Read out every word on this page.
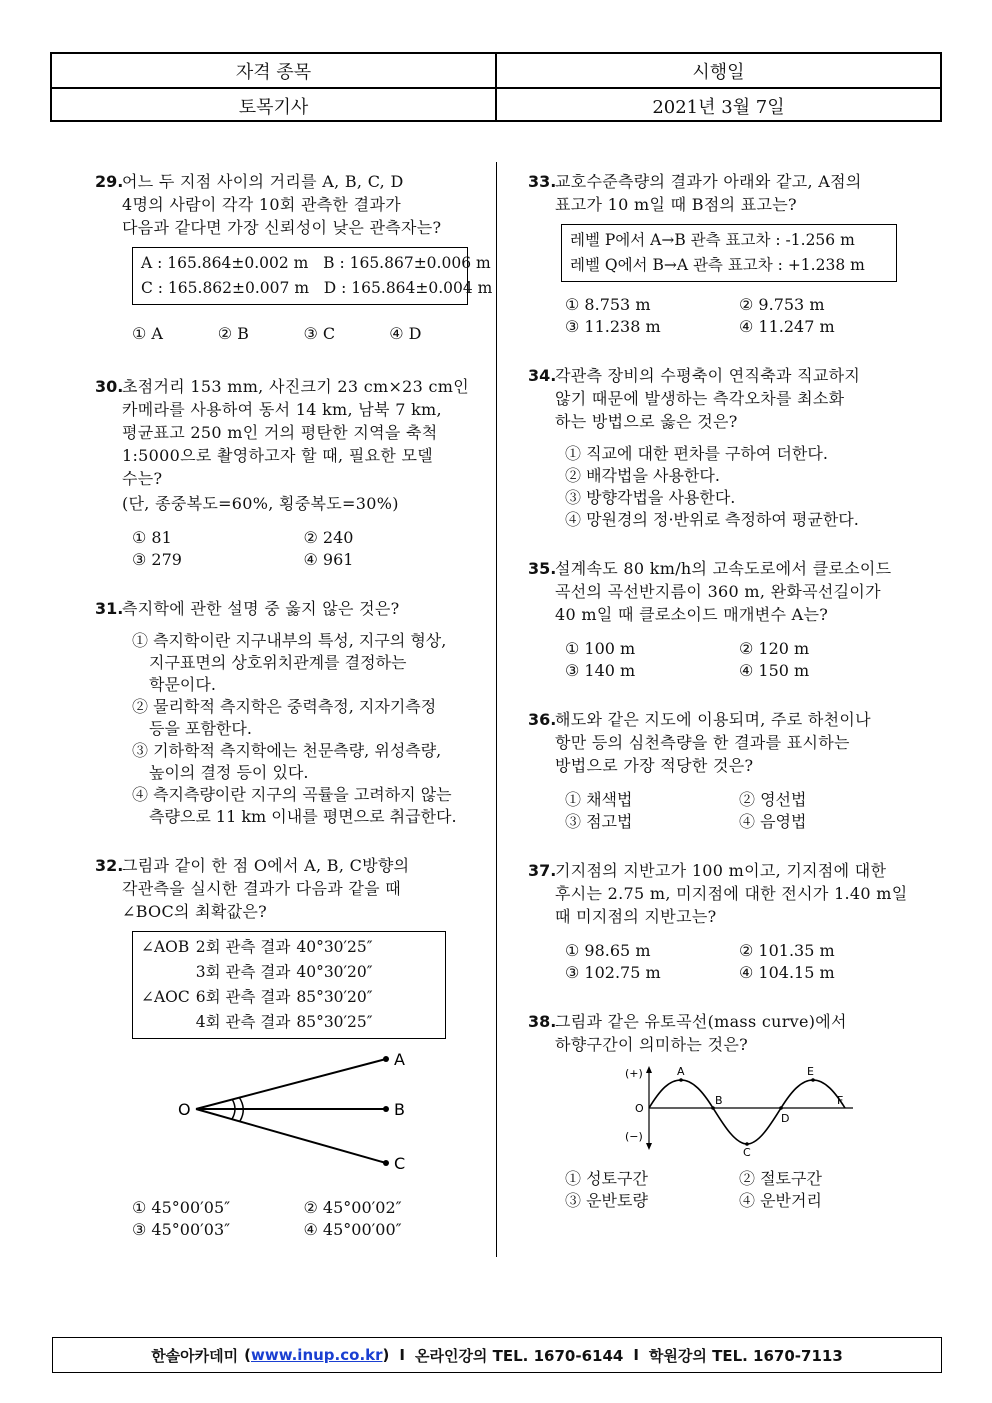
자격 종목	시행일
토목기사	2021년 3월 7일
29.
어느 두 지점 사이의 거리를 A, B, C, D
4명의 사람이 각각 10회 관측한 결과가
다음과 같다면 가장 신뢰성이 낮은 관측자는?
A : 165.864±0.002 m   B : 165.867±0.006 m
C : 165.862±0.007 m   D : 165.864±0.004 m
① A	② B	③ C	④ D
30.
초점거리 153 mm, 사진크기 23 cm×23 cm인
카메라를 사용하여 동서 14 km, 남북 7 km,
평균표고 250 m인 거의 평탄한 지역을 축척
1:5000으로 촬영하고자 할 때, 필요한 모델
수는?
(단, 종중복도=60%, 횡중복도=30%)
① 81	② 240
③ 279	④ 961
31.
측지학에 관한 설명 중 옳지 않은 것은?
① 측지학이란 지구내부의 특성, 지구의 형상,
지구표면의 상호위치관계를 결정하는
학문이다.
② 물리학적 측지학은 중력측정, 지자기측정
등을 포함한다.
③ 기하학적 측지학에는 천문측량, 위성측량,
높이의 결정 등이 있다.
④ 측지측량이란 지구의 곡률을 고려하지 않는
측량으로 11 km 이내를 평면으로 취급한다.
32.
그림과 같이 한 점 O에서 A, B, C방향의
각관측을 실시한 결과가 다음과 같을 때
∠BOC의 최확값은?
∠AOB	2회 관측 결과	40°30′25″
	3회 관측 결과	40°30′20″
∠AOC	6회 관측 결과	85°30′20″
	4회 관측 결과	85°30′25″
O
A
B
C
① 45°00′05″	② 45°00′02″
③ 45°00′03″	④ 45°00′00″
33.
교호수준측량의 결과가 아래와 같고, A점의
표고가 10 m일 때 B점의 표고는?
레벨 P에서 A→B 관측 표고차 : -1.256 m
레벨 Q에서 B→A 관측 표고차 : +1.238 m
① 8.753 m	② 9.753 m
③ 11.238 m	④ 11.247 m
34.
각관측 장비의 수평축이 연직축과 직교하지
않기 때문에 발생하는 측각오차를 최소화
하는 방법으로 옳은 것은?
① 직교에 대한 편차를 구하여 더한다.
② 배각법을 사용한다.
③ 방향각법을 사용한다.
④ 망원경의 정·반위로 측정하여 평균한다.
35.
설계속도 80 km/h의 고속도로에서 클로소이드
곡선의 곡선반지름이 360 m, 완화곡선길이가
40 m일 때 클로소이드 매개변수 A는?
① 100 m	② 120 m
③ 140 m	④ 150 m
36.
해도와 같은 지도에 이용되며, 주로 하천이나
항만 등의 심천측량을 한 결과를 표시하는
방법으로 가장 적당한 것은?
① 채색법	② 영선법
③ 점고법	④ 음영법
37.
기지점의 지반고가 100 m이고, 기지점에 대한
후시는 2.75 m, 미지점에 대한 전시가 1.40 m일
때 미지점의 지반고는?
① 98.65 m	② 101.35 m
③ 102.75 m	④ 104.15 m
38.
그림과 같은 유토곡선(mass curve)에서
하향구간이 의미하는 것은?
(+)
O
(−)
A
B
C
D
E
F
① 성토구간	② 절토구간
③ 운반토량	④ 운반거리
한솔아카데미 ( www.inup.co.kr ) I 온라인강의 TEL. 1670-6144 I 학원강의 TEL. 1670-7113
